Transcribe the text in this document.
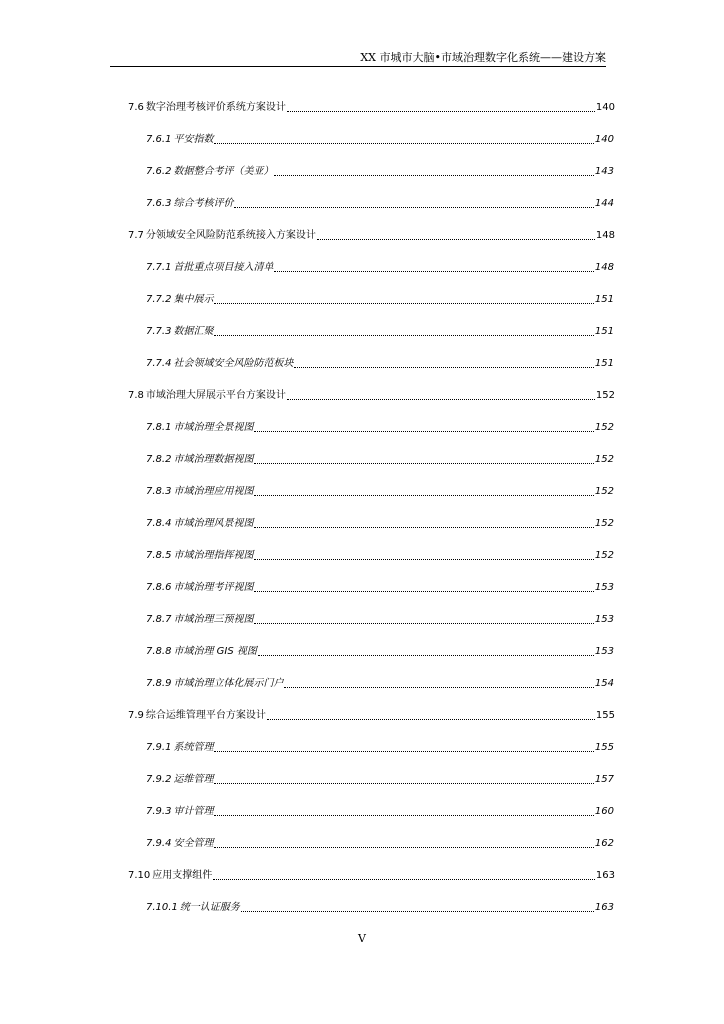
XX 市城市大脑•市域治理数字化系统——建设方案
7.6 数字治理考核评价系统方案设计	140
7.6.1 平安指数	140
7.6.2 数据整合考评（美亚）	143
7.6.3 综合考核评价	144
7.7 分领域安全风险防范系统接入方案设计	148
7.7.1 首批重点项目接入清单	148
7.7.2 集中展示	151
7.7.3 数据汇聚	151
7.7.4 社会领域安全风险防范板块	151
7.8 市域治理大屏展示平台方案设计	152
7.8.1 市域治理全景视图	152
7.8.2 市域治理数据视图	152
7.8.3 市域治理应用视图	152
7.8.4 市域治理风景视图	152
7.8.5 市域治理指挥视图	152
7.8.6 市域治理考评视图	153
7.8.7 市域治理三预视图	153
7.8.8 市域治理 GIS 视图	153
7.8.9 市域治理立体化展示门户	154
7.9 综合运维管理平台方案设计	155
7.9.1 系统管理	155
7.9.2 运维管理	157
7.9.3 审计管理	160
7.9.4 安全管理	162
7.10 应用支撑组件	163
7.10.1 统一认证服务	163
V
